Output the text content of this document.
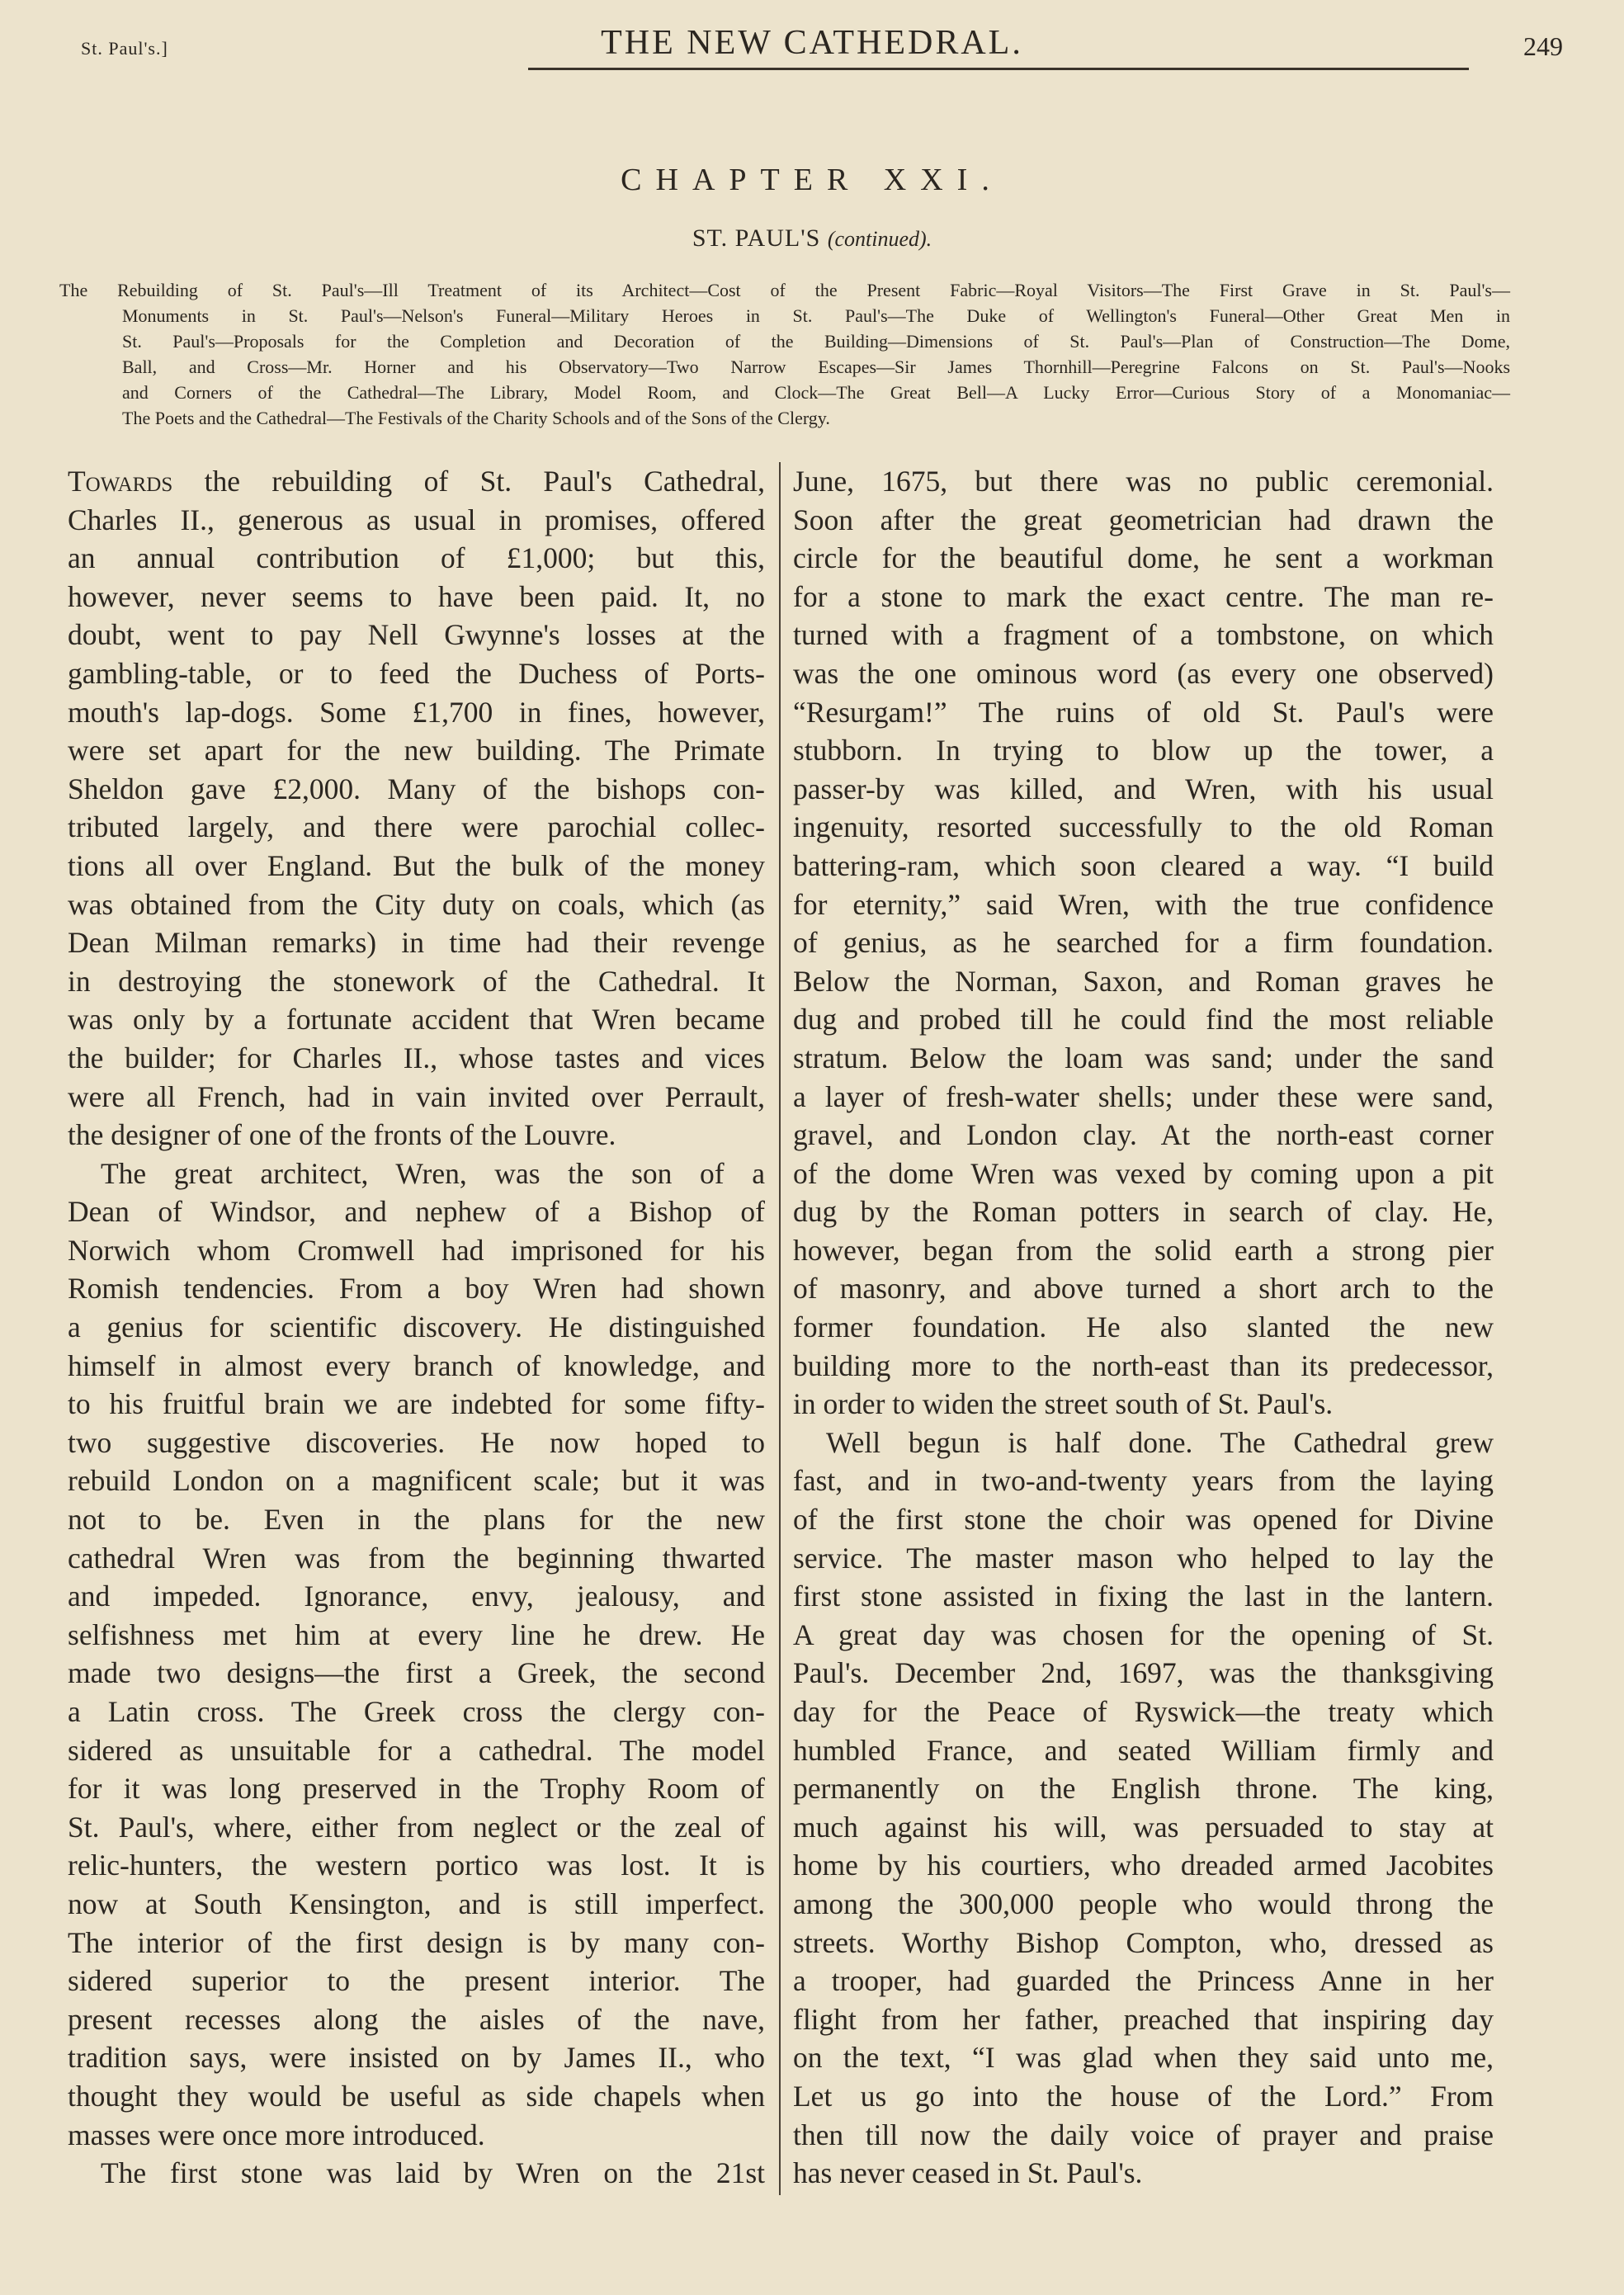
St. Paul's.]	THE NEW CATHEDRAL.	249
CHAPTER XXI.
ST. PAUL'S (continued).
The Rebuilding of St. Paul's—Ill Treatment of its Architect—Cost of the Present Fabric—Royal Visitors—The First Grave in St. Paul's—
Monuments in St. Paul's—Nelson's Funeral—Military Heroes in St. Paul's—The Duke of Wellington's Funeral—Other Great Men in
St. Paul's—Proposals for the Completion and Decoration of the Building—Dimensions of St. Paul's—Plan of Construction—The Dome,
Ball, and Cross—Mr. Horner and his Observatory—Two Narrow Escapes—Sir James Thornhill—Peregrine Falcons on St. Paul's—Nooks
and Corners of the Cathedral—The Library, Model Room, and Clock—The Great Bell—A Lucky Error—Curious Story of a Monomaniac—
The Poets and the Cathedral—The Festivals of the Charity Schools and of the Sons of the Clergy.
Towards the rebuilding of St. Paul's Cathedral,
Charles II., generous as usual in promises, offered
an annual contribution of £1,000; but this,
however, never seems to have been paid. It, no
doubt, went to pay Nell Gwynne's losses at the
gambling-table, or to feed the Duchess of Ports-
mouth's lap-dogs. Some £1,700 in fines, however,
were set apart for the new building. The Primate
Sheldon gave £2,000. Many of the bishops con-
tributed largely, and there were parochial collec-
tions all over England. But the bulk of the money
was obtained from the City duty on coals, which (as
Dean Milman remarks) in time had their revenge
in destroying the stonework of the Cathedral. It
was only by a fortunate accident that Wren became
the builder; for Charles II., whose tastes and vices
were all French, had in vain invited over Perrault,
the designer of one of the fronts of the Louvre.
The great architect, Wren, was the son of a
Dean of Windsor, and nephew of a Bishop of
Norwich whom Cromwell had imprisoned for his
Romish tendencies. From a boy Wren had shown
a genius for scientific discovery. He distinguished
himself in almost every branch of knowledge, and
to his fruitful brain we are indebted for some fifty-
two suggestive discoveries. He now hoped to
rebuild London on a magnificent scale; but it was
not to be. Even in the plans for the new
cathedral Wren was from the beginning thwarted
and impeded. Ignorance, envy, jealousy, and
selfishness met him at every line he drew. He
made two designs—the first a Greek, the second
a Latin cross. The Greek cross the clergy con-
sidered as unsuitable for a cathedral. The model
for it was long preserved in the Trophy Room of
St. Paul's, where, either from neglect or the zeal of
relic-hunters, the western portico was lost. It is
now at South Kensington, and is still imperfect.
The interior of the first design is by many con-
sidered superior to the present interior. The
present recesses along the aisles of the nave,
tradition says, were insisted on by James II., who
thought they would be useful as side chapels when
masses were once more introduced.
The first stone was laid by Wren on the 21st
June, 1675, but there was no public ceremonial.
Soon after the great geometrician had drawn the
circle for the beautiful dome, he sent a workman
for a stone to mark the exact centre. The man re-
turned with a fragment of a tombstone, on which
was the one ominous word (as every one observed)
“Resurgam!” The ruins of old St. Paul's were
stubborn. In trying to blow up the tower, a
passer-by was killed, and Wren, with his usual
ingenuity, resorted successfully to the old Roman
battering-ram, which soon cleared a way. “I build
for eternity,” said Wren, with the true confidence
of genius, as he searched for a firm foundation.
Below the Norman, Saxon, and Roman graves he
dug and probed till he could find the most reliable
stratum. Below the loam was sand; under the sand
a layer of fresh-water shells; under these were sand,
gravel, and London clay. At the north-east corner
of the dome Wren was vexed by coming upon a pit
dug by the Roman potters in search of clay. He,
however, began from the solid earth a strong pier
of masonry, and above turned a short arch to the
former foundation. He also slanted the new
building more to the north-east than its predecessor,
in order to widen the street south of St. Paul's.
Well begun is half done. The Cathedral grew
fast, and in two-and-twenty years from the laying
of the first stone the choir was opened for Divine
service. The master mason who helped to lay the
first stone assisted in fixing the last in the lantern.
A great day was chosen for the opening of St.
Paul's. December 2nd, 1697, was the thanksgiving
day for the Peace of Ryswick—the treaty which
humbled France, and seated William firmly and
permanently on the English throne. The king,
much against his will, was persuaded to stay at
home by his courtiers, who dreaded armed Jacobites
among the 300,000 people who would throng the
streets. Worthy Bishop Compton, who, dressed as
a trooper, had guarded the Princess Anne in her
flight from her father, preached that inspiring day
on the text, “I was glad when they said unto me,
Let us go into the house of the Lord.” From
then till now the daily voice of prayer and praise
has never ceased in St. Paul's.
